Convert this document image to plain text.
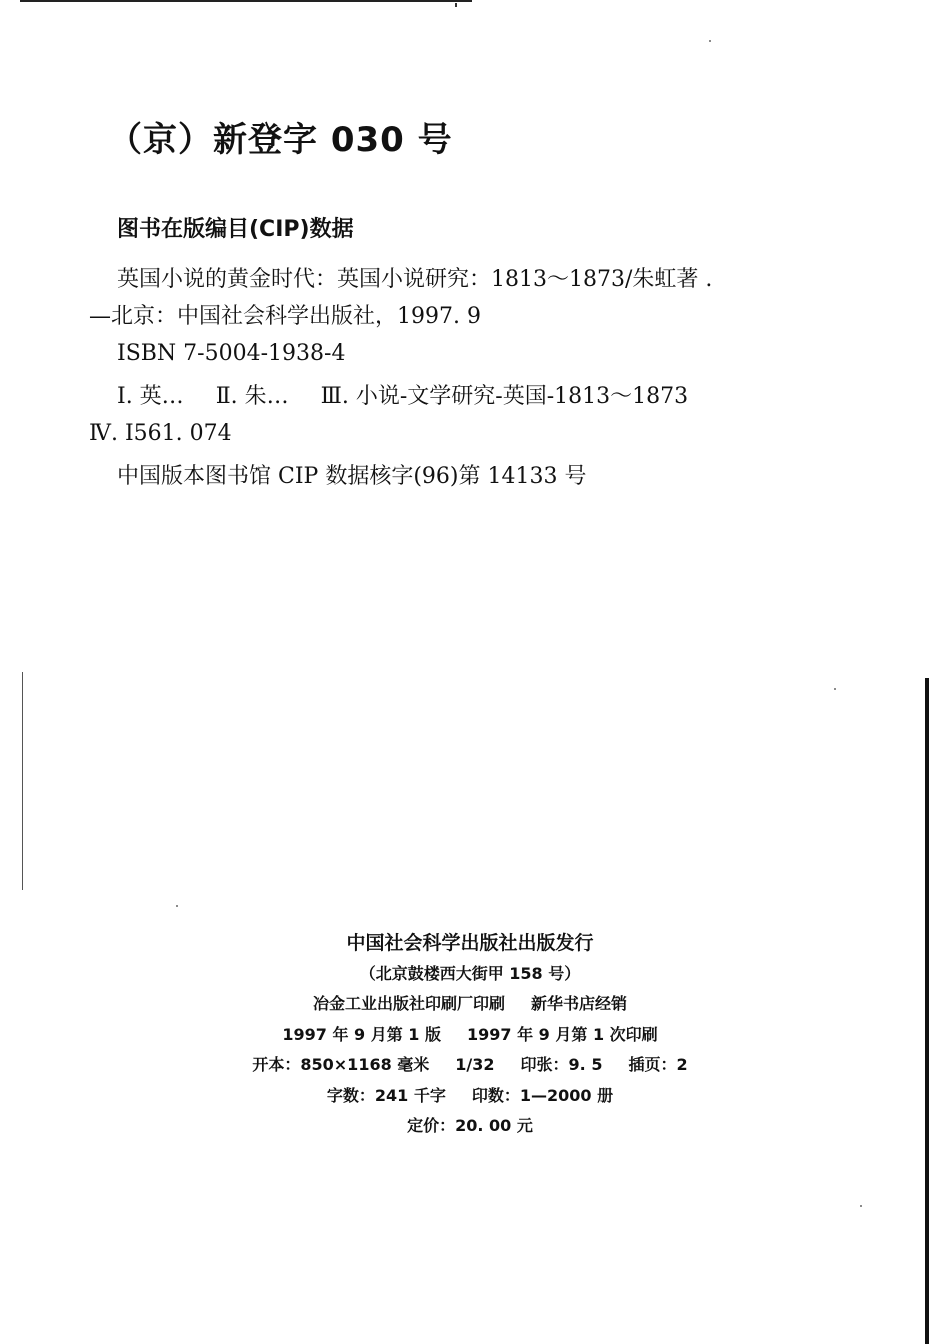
（京）新登字 030 号
图书在版编目(CIP)数据
英国小说的黄金时代：英国小说研究：1813～1873/朱虹著 .
—北京：中国社会科学出版社，1997. 9
ISBN 7-5004-1938-4
Ⅰ. 英… Ⅱ. 朱… Ⅲ. 小说-文学研究-英国-1813～1873
Ⅳ. I561. 074
中国版本图书馆 CIP 数据核字(96)第 14133 号
中国社会科学出版社出版发行
（北京鼓楼西大街甲 158 号）
冶金工业出版社印刷厂印刷 新华书店经销
1997 年 9 月第 1 版 1997 年 9 月第 1 次印刷
开本：850×1168 毫米 1/32 印张：9. 5 插页：2
字数：241 千字 印数：1—2000 册
定价：20. 00 元
